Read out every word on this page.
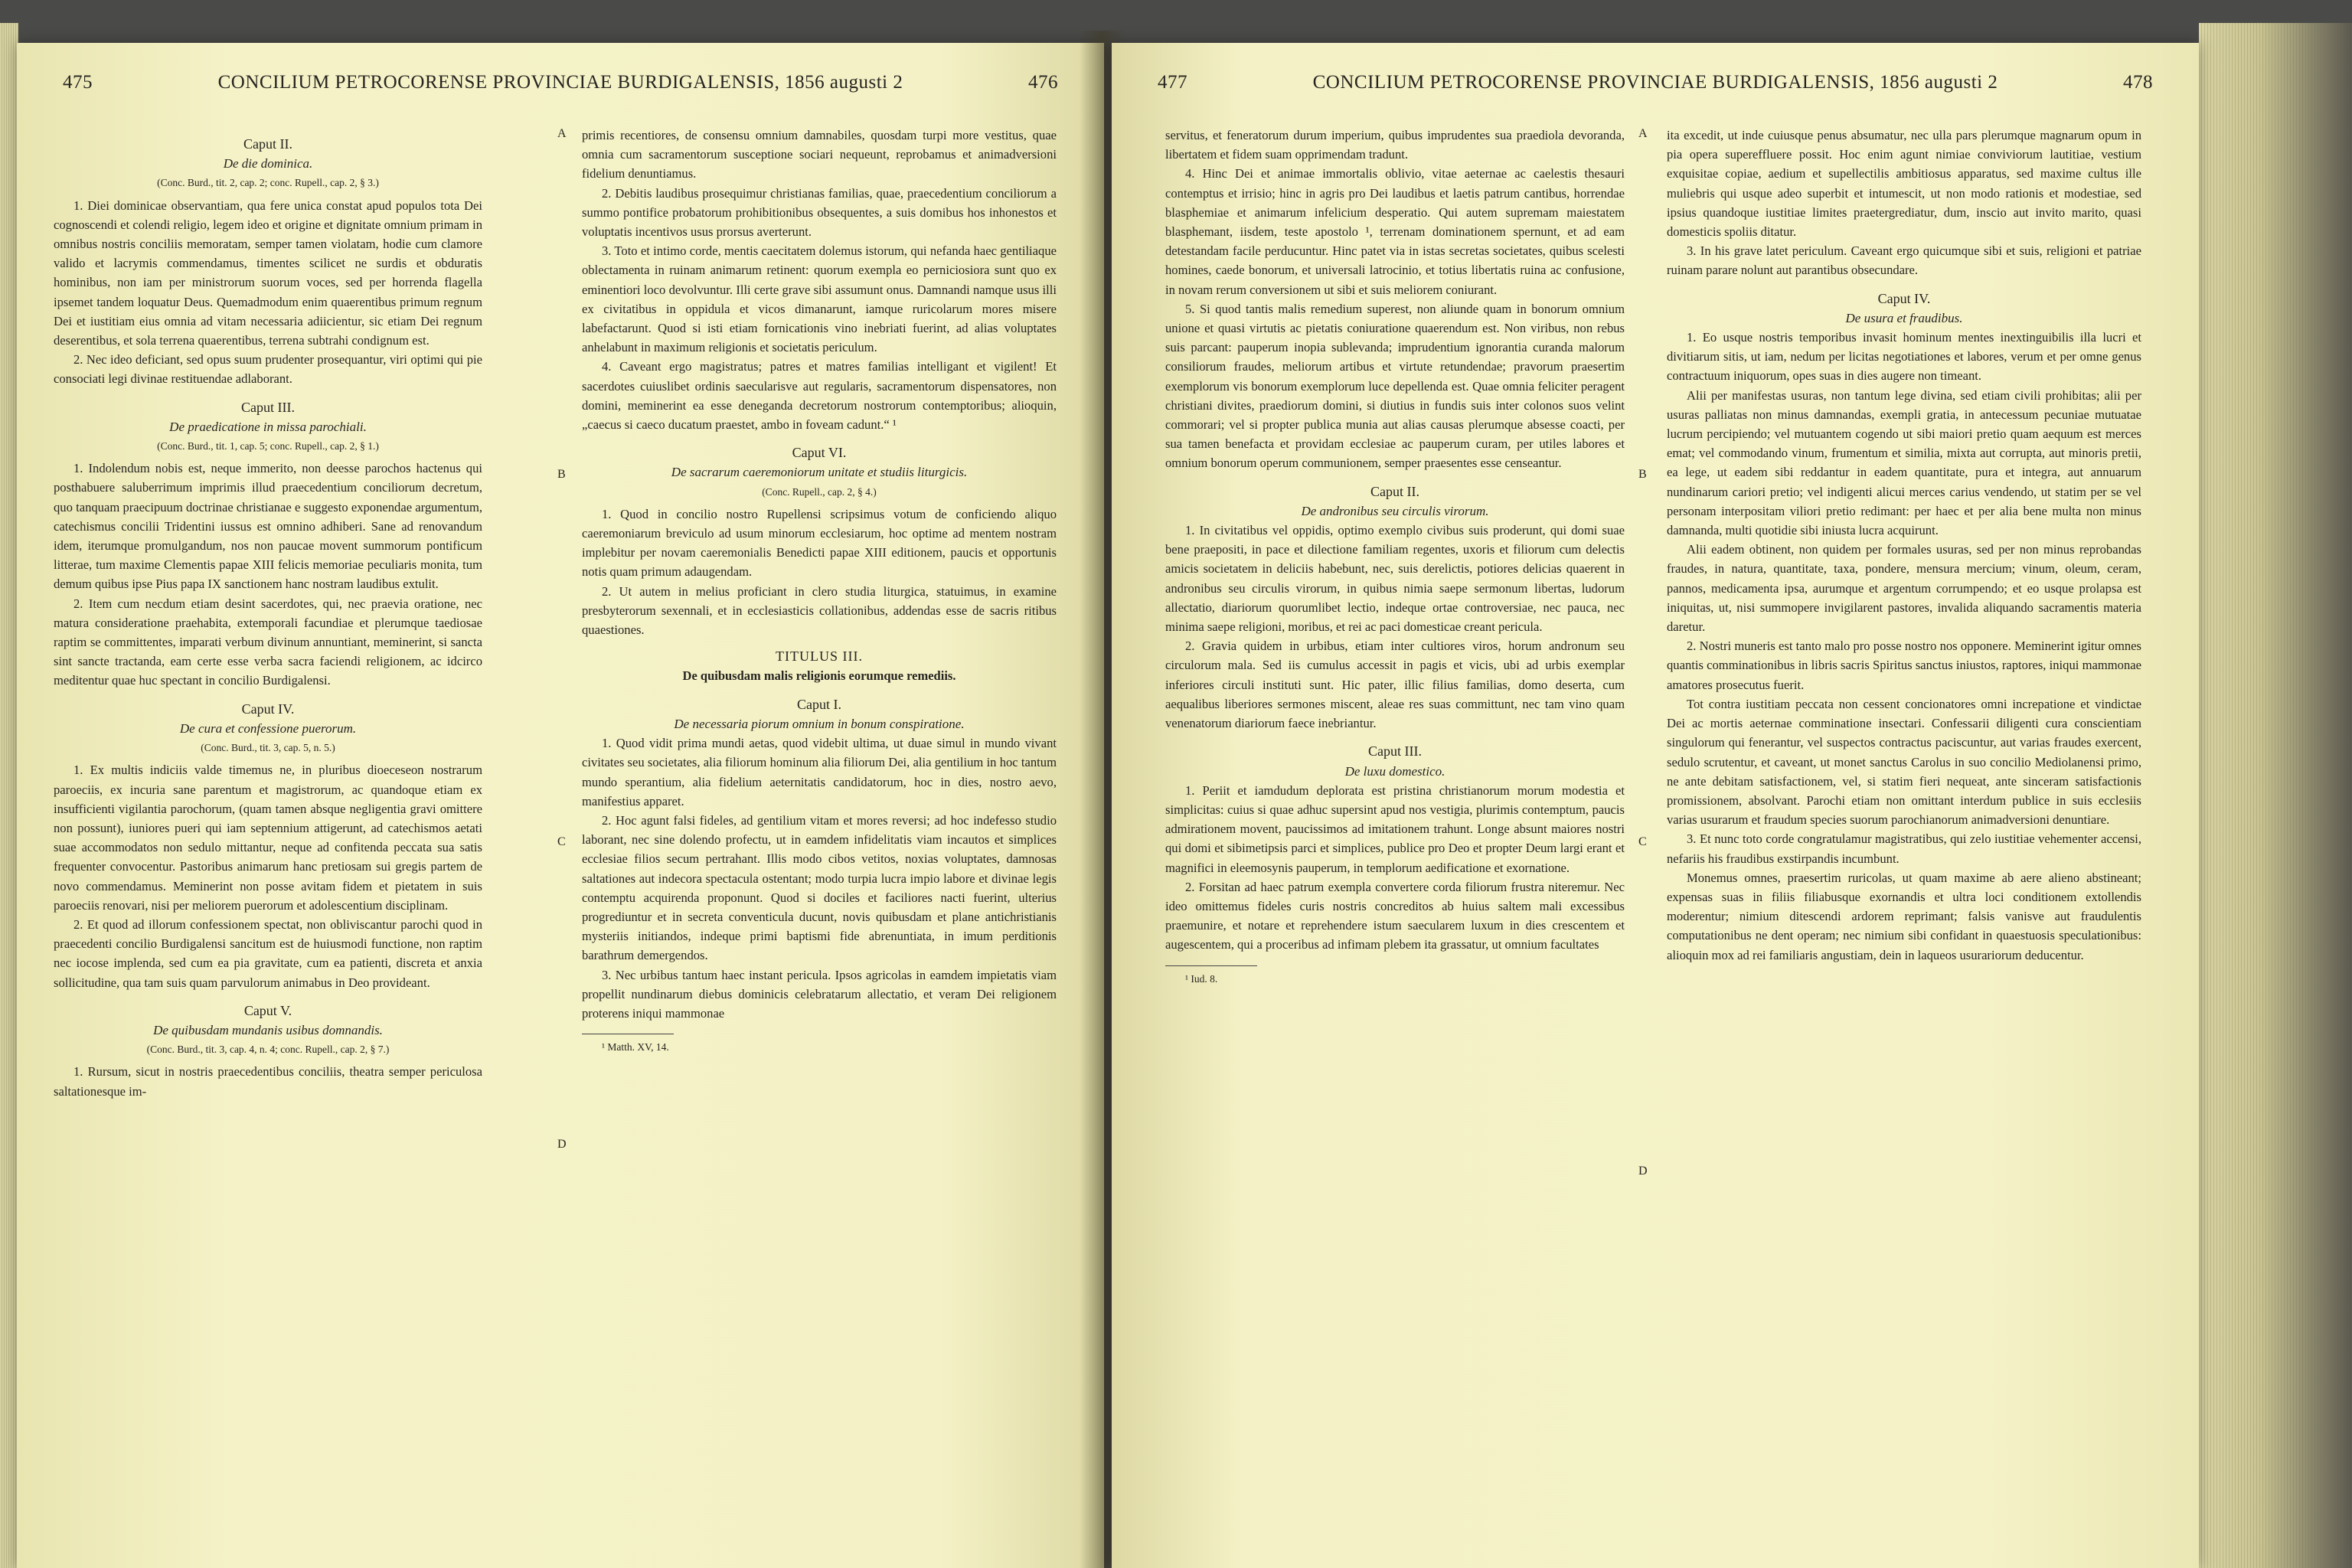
475	CONCILIUM PETROCORENSE PROVINCIAE BURDIGALENSIS, 1856 augusti 2	476

Caput II.

De die dominica.

(Conc. Burd., tit. 2, cap. 2; conc. Rupell., cap. 2, § 3.)

1. Diei dominicae observantiam, qua fere unica constat apud populos tota Dei cognoscendi et colendi religio, legem ideo et origine et dignitate omnium primam in omnibus nostris conciliis memoratam, semper tamen violatam, hodie cum clamore valido et lacrymis commendamus, timentes scilicet ne surdis et obduratis hominibus, non iam per ministrorum suorum voces, sed per horrenda flagella ipsemet tandem loquatur Deus. Quemadmodum enim quaerentibus primum regnum Dei et iustitiam eius omnia ad vitam necessaria adiicientur, sic etiam Dei regnum deserentibus, et sola terrena quaerentibus, terrena subtrahi condignum est.

2. Nec ideo deficiant, sed opus suum prudenter prosequantur, viri optimi qui pie consociati legi divinae restituendae adlaborant.

Caput III.

De praedicatione in missa parochiali.

(Conc. Burd., tit. 1, cap. 5; conc. Rupell., cap. 2, § 1.)

1. Indolendum nobis est, neque immerito, non deesse parochos hactenus qui posthabuere saluberrimum imprimis illud praecedentium conciliorum decretum, quo tanquam praecipuum doctrinae christianae e suggesto exponendae argumentum, catechismus concilii Tridentini iussus est omnino adhiberi. Sane ad renovandum idem, iterumque promulgandum, nos non paucae movent summorum pontificum litterae, tum maxime Clementis papae XIII felicis memoriae peculiaris monita, tum demum quibus ipse Pius papa IX sanctionem hanc nostram laudibus extulit.

2. Item cum necdum etiam desint sacerdotes, qui, nec praevia oratione, nec matura consideratione praehabita, extemporali facundiae et plerumque taediosae raptim se committentes, imparati verbum divinum annuntiant, meminerint, si sancta sint sancte tractanda, eam certe esse verba sacra faciendi religionem, ac idcirco meditentur quae huc spectant in concilio Burdigalensi.

Caput IV.

De cura et confessione puerorum.

(Conc. Burd., tit. 3, cap. 5, n. 5.)

1. Ex multis indiciis valde timemus ne, in pluribus dioeceseon nostrarum paroeciis, ex incuria sane parentum et magistrorum, ac quandoque etiam ex insufficienti vigilantia parochorum, (quam tamen absque negligentia gravi omittere non possunt), iuniores pueri qui iam septennium attigerunt, ad catechismos aetati suae accommodatos non sedulo mittantur, neque ad confitenda peccata sua satis frequenter convocentur. Pastoribus animarum hanc pretiosam sui gregis partem de novo commendamus. Meminerint non posse avitam fidem et pietatem in suis paroeciis renovari, nisi per meliorem puerorum et adolescentium disciplinam.

2. Et quod ad illorum confessionem spectat, non obliviscantur parochi quod in praecedenti concilio Burdigalensi sancitum est de huiusmodi functione, non raptim nec iocose implenda, sed cum ea pia gravitate, cum ea patienti, discreta et anxia sollicitudine, qua tam suis quam parvulorum animabus in Deo provideant.

Caput V.

De quibusdam mundanis usibus domnandis.

(Conc. Burd., tit. 3, cap. 4, n. 4; conc. Rupell., cap. 2, § 7.)

1. Rursum, sicut in nostris praecedentibus conciliis, theatra semper periculosa saltationesque im-

primis recentiores, de consensu omnium damnabiles, quosdam turpi more vestitus, quae omnia cum sacramentorum susceptione sociari nequeunt, reprobamus et animadversioni fidelium denuntiamus.

2. Debitis laudibus prosequimur christianas familias, quae, praecedentium conciliorum a summo pontifice probatorum prohibitionibus obsequentes, a suis domibus hos inhonestos et voluptatis incentivos usus prorsus averterunt.

3. Toto et intimo corde, mentis caecitatem dolemus istorum, qui nefanda haec gentiliaque oblectamenta in ruinam animarum retinent: quorum exempla eo perniciosiora sunt quo ex eminentiori loco devolvuntur. Illi certe grave sibi assumunt onus. Damnandi namque usus illi ex civitatibus in oppidula et vicos dimanarunt, iamque ruricolarum mores misere labefactarunt. Quod si isti etiam fornicationis vino inebriati fuerint, ad alias voluptates anhelabunt in maximum religionis et societatis periculum.

4. Caveant ergo magistratus; patres et matres familias intelligant et vigilent! Et sacerdotes cuiuslibet ordinis saecularisve aut regularis, sacramentorum dispensatores, non domini, meminerint ea esse deneganda decretorum nostrorum contemptoribus; alioquin, „caecus si caeco ducatum praestet, ambo in foveam cadunt.“ ¹

Caput VI.

De sacrarum caeremoniorum unitate et studiis liturgicis.

(Conc. Rupell., cap. 2, § 4.)

1. Quod in concilio nostro Rupellensi scripsimus votum de conficiendo aliquo caeremoniarum breviculo ad usum minorum ecclesiarum, hoc optime ad mentem nostram implebitur per novam caeremonialis Benedicti papae XIII editionem, paucis et opportunis notis quam primum adaugendam.

2. Ut autem in melius proficiant in clero studia liturgica, statuimus, in examine presbyterorum sexennali, et in ecclesiasticis collationibus, addendas esse de sacris ritibus quaestiones.

TITULUS III.

De quibusdam malis religionis eorumque remediis.

Caput I.

De necessaria piorum omnium in bonum conspiratione.

1. Quod vidit prima mundi aetas, quod videbit ultima, ut duae simul in mundo vivant civitates seu societates, alia filiorum hominum alia filiorum Dei, alia gentilium in hoc tantum mundo sperantium, alia fidelium aeternitatis candidatorum, hoc in dies, nostro aevo, manifestius apparet.

2. Hoc agunt falsi fideles, ad gentilium vitam et mores reversi; ad hoc indefesso studio laborant, nec sine dolendo profectu, ut in eamdem infidelitatis viam incautos et simplices ecclesiae filios secum pertrahant. Illis modo cibos vetitos, noxias voluptates, damnosas saltationes aut indecora spectacula ostentant; modo turpia lucra impio labore et divinae legis contemptu acquirenda proponunt. Quod si dociles et faciliores nacti fuerint, ulterius progrediuntur et in secreta conventicula ducunt, novis quibusdam et plane antichristianis mysteriis initiandos, indeque primi baptismi fide abrenuntiata, in imum perditionis barathrum demergendos.

3. Nec urbibus tantum haec instant pericula. Ipsos agricolas in eamdem impietatis viam propellit nundinarum diebus dominicis celebratarum allectatio, et veram Dei religionem proterens iniqui mammonae

¹ Matth. XV, 14.

A
B
C
D
477	CONCILIUM PETROCORENSE PROVINCIAE BURDIGALENSIS, 1856 augusti 2	478

servitus, et feneratorum durum imperium, quibus imprudentes sua praediola devoranda, libertatem et fidem suam opprimendam tradunt.

4. Hinc Dei et animae immortalis oblivio, vitae aeternae ac caelestis thesauri contemptus et irrisio; hinc in agris pro Dei laudibus et laetis patrum cantibus, horrendae blasphemiae et animarum infelicium desperatio. Qui autem supremam maiestatem blasphemant, iisdem, teste apostolo ¹, terrenam dominationem spernunt, et ad eam detestandam facile perducuntur. Hinc patet via in istas secretas societates, quibus scelesti homines, caede bonorum, et universali latrocinio, et totius libertatis ruina ac confusione, in novam rerum conversionem ut sibi et suis meliorem coniurant.

5. Si quod tantis malis remedium superest, non aliunde quam in bonorum omnium unione et quasi virtutis ac pietatis coniuratione quaerendum est. Non viribus, non rebus suis parcant: pauperum inopia sublevanda; imprudentium ignorantia curanda malorum consiliorum fraudes, meliorum artibus et virtute retundendae; pravorum praesertim exemplorum vis bonorum exemplorum luce depellenda est. Quae omnia feliciter peragent christiani divites, praediorum domini, si diutius in fundis suis inter colonos suos velint commorari; vel si propter publica munia aut alias causas plerumque absesse coacti, per sua tamen benefacta et providam ecclesiae ac pauperum curam, per utiles labores et omnium bonorum operum communionem, semper praesentes esse censeantur.

Caput II.

De andronibus seu circulis virorum.

1. In civitatibus vel oppidis, optimo exemplo civibus suis proderunt, qui domi suae bene praepositi, in pace et dilectione familiam regentes, uxoris et filiorum cum delectis amicis societatem in deliciis habebunt, nec, suis derelictis, potiores delicias quaerent in andronibus seu circulis virorum, in quibus nimia saepe sermonum libertas, ludorum allectatio, diariorum quorumlibet lectio, indeque ortae controversiae, nec pauca, nec minima saepe religioni, moribus, et rei ac paci domesticae creant pericula.

2. Gravia quidem in urbibus, etiam inter cultiores viros, horum andronum seu circulorum mala. Sed iis cumulus accessit in pagis et vicis, ubi ad urbis exemplar inferiores circuli instituti sunt. Hic pater, illic filius familias, domo deserta, cum aequalibus liberiores sermones miscent, aleae res suas committunt, nec tam vino quam venenatorum diariorum faece inebriantur.

Caput III.

De luxu domestico.

1. Periit et iamdudum deplorata est pristina christianorum morum modestia et simplicitas: cuius si quae adhuc supersint apud nos vestigia, plurimis contemptum, paucis admirationem movent, paucissimos ad imitationem trahunt. Longe absunt maiores nostri qui domi et sibimetipsis parci et simplices, publice pro Deo et propter Deum largi erant et magnifici in eleemosynis pauperum, in templorum aedificatione et exornatione.

2. Forsitan ad haec patrum exempla convertere corda filiorum frustra niteremur. Nec ideo omittemus fideles curis nostris concreditos ab huius saltem mali excessibus praemunire, et notare et reprehendere istum saecularem luxum in dies crescentem et augescentem, qui a proceribus ad infimam plebem ita grassatur, ut omnium facultates

¹ Iud. 8.

ita excedit, ut inde cuiusque penus absumatur, nec ulla pars plerumque magnarum opum in pia opera supereffluere possit. Hoc enim agunt nimiae conviviorum lautitiae, vestium exquisitae copiae, aedium et supellectilis ambitiosus apparatus, sed maxime cultus ille muliebris qui usque adeo superbit et intumescit, ut non modo rationis et modestiae, sed ipsius quandoque iustitiae limites praetergrediatur, dum, inscio aut invito marito, quasi domesticis spoliis ditatur.

3. In his grave latet periculum. Caveant ergo quicumque sibi et suis, religioni et patriae ruinam parare nolunt aut parantibus obsecundare.

Caput IV.

De usura et fraudibus.

1. Eo usque nostris temporibus invasit hominum mentes inextinguibilis illa lucri et divitiarum sitis, ut iam, nedum per licitas negotiationes et labores, verum et per omne genus contractuum iniquorum, opes suas in dies augere non timeant.

Alii per manifestas usuras, non tantum lege divina, sed etiam civili prohibitas; alii per usuras palliatas non minus damnandas, exempli gratia, in antecessum pecuniae mutuatae lucrum percipiendo; vel mutuantem cogendo ut sibi maiori pretio quam aequum est merces emat; vel commodando vinum, frumentum et similia, mixta aut corrupta, aut minoris pretii, ea lege, ut eadem sibi reddantur in eadem quantitate, pura et integra, aut annuarum nundinarum cariori pretio; vel indigenti alicui merces carius vendendo, ut statim per se vel personam interpositam viliori pretio redimant: per haec et per alia bene multa non minus damnanda, multi quotidie sibi iniusta lucra acquirunt.

Alii eadem obtinent, non quidem per formales usuras, sed per non minus reprobandas fraudes, in natura, quantitate, taxa, pondere, mensura mercium; vinum, oleum, ceram, pannos, medicamenta ipsa, aurumque et argentum corrumpendo; et eo usque prolapsa est iniquitas, ut, nisi summopere invigilarent pastores, invalida aliquando sacramentis materia daretur.

2. Nostri muneris est tanto malo pro posse nostro nos opponere. Meminerint igitur omnes quantis comminationibus in libris sacris Spiritus sanctus iniustos, raptores, iniqui mammonae amatores prosecutus fuerit.

Tot contra iustitiam peccata non cessent concionatores omni increpatione et vindictae Dei ac mortis aeternae comminatione insectari. Confessarii diligenti cura conscientiam singulorum qui fenerantur, vel suspectos contractus paciscuntur, aut varias fraudes exercent, sedulo scrutentur, et caveant, ut monet sanctus Carolus in suo concilio Mediolanensi primo, ne ante debitam satisfactionem, vel, si statim fieri nequeat, ante sinceram satisfactionis promissionem, absolvant. Parochi etiam non omittant interdum publice in suis ecclesiis varias usurarum et fraudum species suorum parochianorum animadversioni denuntiare.

3. Et nunc toto corde congratulamur magistratibus, qui zelo iustitiae vehementer accensi, nefariis his fraudibus exstirpandis incumbunt.

Monemus omnes, praesertim ruricolas, ut quam maxime ab aere alieno abstineant; expensas suas in filiis filiabusque exornandis et ultra loci conditionem extollendis moderentur; nimium ditescendi ardorem reprimant; falsis vanisve aut fraudulentis computationibus ne dent operam; nec nimium sibi confidant in quaestuosis speculationibus: alioquin mox ad rei familiaris angustiam, dein in laqueos usurariorum deducentur.

A
B
C
D
